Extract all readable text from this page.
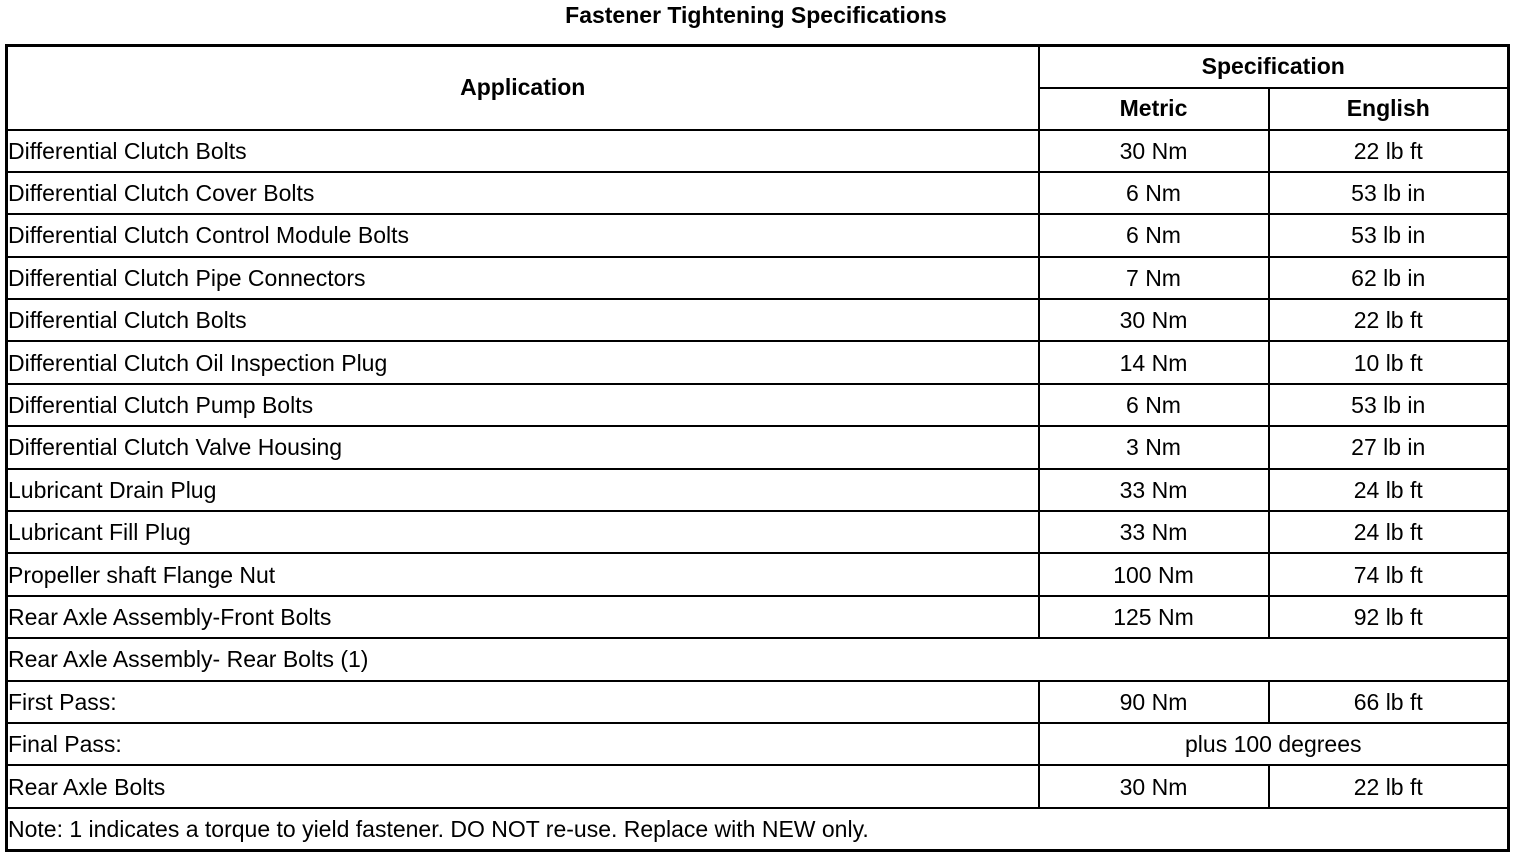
Fastener Tightening Specifications
Application	Specification	
	Metric	English
Differential Clutch Bolts	30 Nm	22 lb ft
Differential Clutch Cover Bolts	6 Nm	53 lb in
Differential Clutch Control Module Bolts	6 Nm	53 lb in
Differential Clutch Pipe Connectors	7 Nm	62 lb in
Differential Clutch Bolts	30 Nm	22 lb ft
Differential Clutch Oil Inspection Plug	14 Nm	10 lb ft
Differential Clutch Pump Bolts	6 Nm	53 lb in
Differential Clutch Valve Housing	3 Nm	27 lb in
Lubricant Drain Plug	33 Nm	24 lb ft
Lubricant Fill Plug	33 Nm	24 lb ft
Propeller shaft Flange Nut	100 Nm	74 lb ft
Rear Axle Assembly-Front Bolts	125 Nm	92 lb ft
Rear Axle Assembly- Rear Bolts (1)		
First Pass:	90 Nm	66 lb ft
Final Pass:	plus 100 degrees	
Rear Axle Bolts	30 Nm	22 lb ft
Note: 1 indicates a torque to yield fastener. DO NOT re-use. Replace with NEW only.		
